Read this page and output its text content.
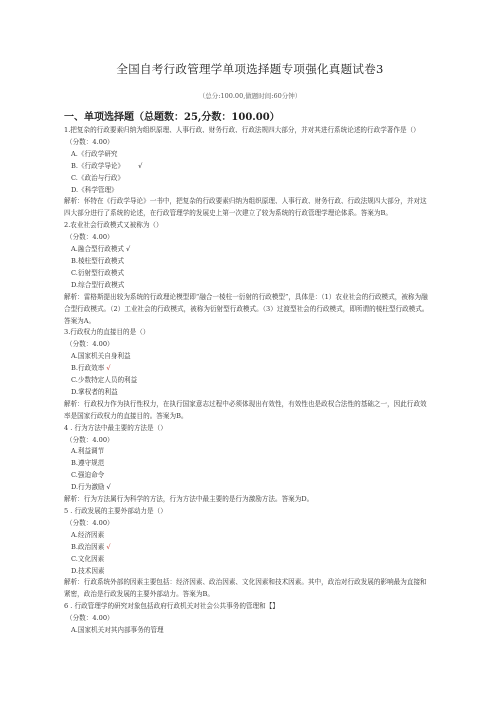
全国自考行政管理学单项选择题专项强化真题试卷3
（总分:100.00,做题时间:60分钟）
一、单项选择题（总题数：25,分数：100.00）

1.把复杂的行政要素归纳为组织原理、人事行政、财务行政、行政法规四大部分，并对其进行系统论述的行政学著作是（）

（分数：4.00）

A.《行政学研究

B.《行政学导论》 √

C.《政治与行政》

D.《科学管理》

解析：怀特在《行政学导论》一书中，把复杂的行政要素归纳为组织原理、人事行政、财务行政、行政法规四大部分，并对这四大部分进行了系统的论述，在行政管理学的发展史上第一次建立了较为系统的行政管理学理论体系。答案为B。

2.农业社会行政模式又被称为（）

（分数：4.00）

A.融合型行政模式 √

B.棱柱型行政模式

C.衍射型行政模式

D.综合型行政模式

解析：雷格斯提出较为系统的行政理论模型即“融合一棱柱一衍射的行政模型”，具体是：（1）农业社会的行政模式，被称为融合型行政模式。（2）工业社会的行政模式，被称为衍射型行政模式。（3）过渡型社会的行政模式，即所谓的棱柱型行政模式。答案为A。

3.行政权力的直接目的是（）

（分数：4.00）

A.国家机关自身利益

B.行政效率 √

C.少数特定人员的利益

D.掌权者的利益

解析：行政权力作为执行性权力，在执行国家意志过程中必须体现出有效性，有效性也是政权合法性的基础之一，因此行政效率是国家行政权力的直接目的。答案为B。

4 . 行为方法中最主要的方法是（）

（分数：4.00）

A.利益调节

B.遵守规范

C.强迫命令

D.行为激励 √

解析：行为方法属行为科学的方法，行为方法中最主要的是行为激励方法。答案为D。

5 . 行政发展的主要外部动力是（）

（分数：4.00）

A.经济因素

B.政治因素 √

C.文化因素

D.技术因素

解析：行政系统外部的因素主要包括：经济因素、政治因素、文化因素和技术因素。其中，政治对行政发展的影响最为直接和紧密，政治是行政发展的主要外部动力。答案为B。

6 . 行政管理学的研究对象包括政府行政机关对社会公共事务的管理和【】

（分数：4.00）

A.国家机关对其内部事务的管理
